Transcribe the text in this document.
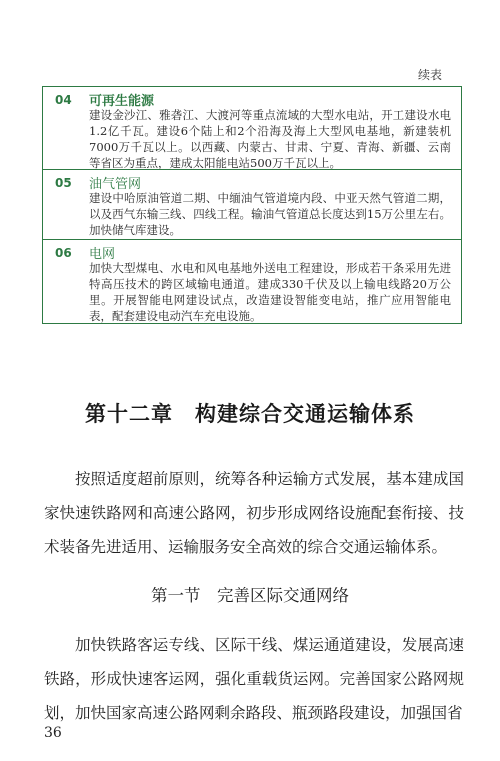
续表
04 可再生能源
建设金沙江、雅砻江、大渡河等重点流域的大型水电站，开工建设水电1.2亿千瓦。建设6个陆上和2个沿海及海上大型风电基地，新建装机7000万千瓦以上。以西藏、内蒙古、甘肃、宁夏、青海、新疆、云南等省区为重点，建成太阳能电站500万千瓦以上。
05 油气管网
建设中哈原油管道二期、中缅油气管道境内段、中亚天然气管道二期，以及西气东输三线、四线工程。输油气管道总长度达到15万公里左右。加快储气库建设。
06 电网
加快大型煤电、水电和风电基地外送电工程建设，形成若干条采用先进特高压技术的跨区域输电通道。建成330千伏及以上输电线路20万公里。开展智能电网建设试点，改造建设智能变电站，推广应用智能电表，配套建设电动汽车充电设施。
第十二章　构建综合交通运输体系
按照适度超前原则，统筹各种运输方式发展，基本建成国家快速铁路网和高速公路网，初步形成网络设施配套衔接、技术装备先进适用、运输服务安全高效的综合交通运输体系。
第一节　完善区际交通网络
加快铁路客运专线、区际干线、煤运通道建设，发展高速铁路，形成快速客运网，强化重载货运网。完善国家公路网规划，加快国家高速公路网剩余路段、瓶颈路段建设，加强国省
36
